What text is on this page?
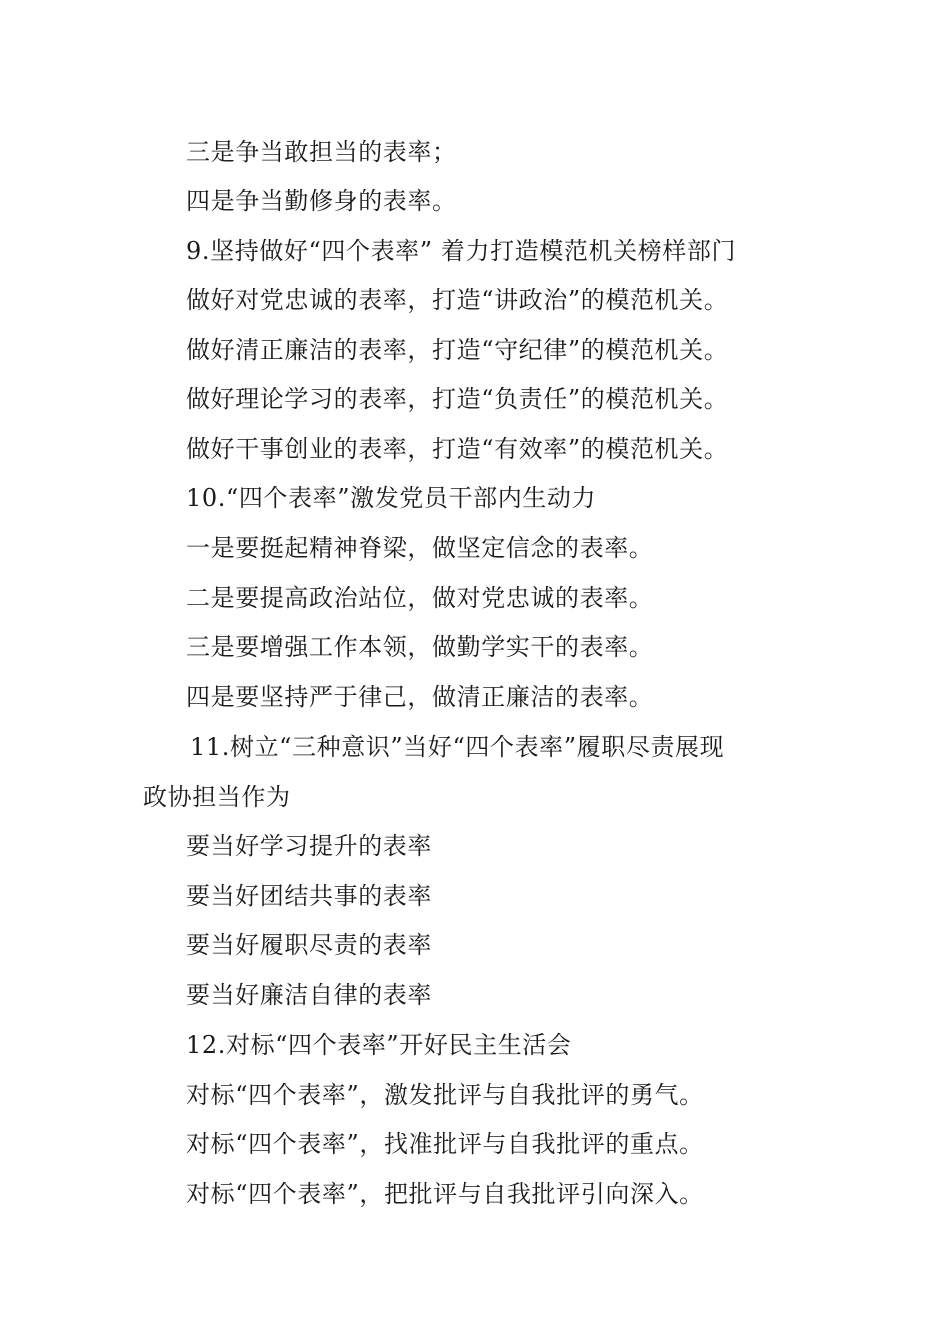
三是争当敢担当的表率；
四是争当勤修身的表率。
9.坚持做好“四个表率” 着力打造模范机关榜样部门
做好对党忠诚的表率，打造“讲政治”的模范机关。
做好清正廉洁的表率，打造“守纪律”的模范机关。
做好理论学习的表率，打造“负责任”的模范机关。
做好干事创业的表率，打造“有效率”的模范机关。
10.“四个表率”激发党员干部内生动力
一是要挺起精神脊梁，做坚定信念的表率。
二是要提高政治站位，做对党忠诚的表率。
三是要增强工作本领，做勤学实干的表率。
四是要坚持严于律己，做清正廉洁的表率。
11.树立“三种意识”当好“四个表率”履职尽责展现
政协担当作为
要当好学习提升的表率
要当好团结共事的表率
要当好履职尽责的表率
要当好廉洁自律的表率
12.对标“四个表率”开好民主生活会
对标“四个表率”，激发批评与自我批评的勇气。
对标“四个表率”，找准批评与自我批评的重点。
对标“四个表率”，把批评与自我批评引向深入。
